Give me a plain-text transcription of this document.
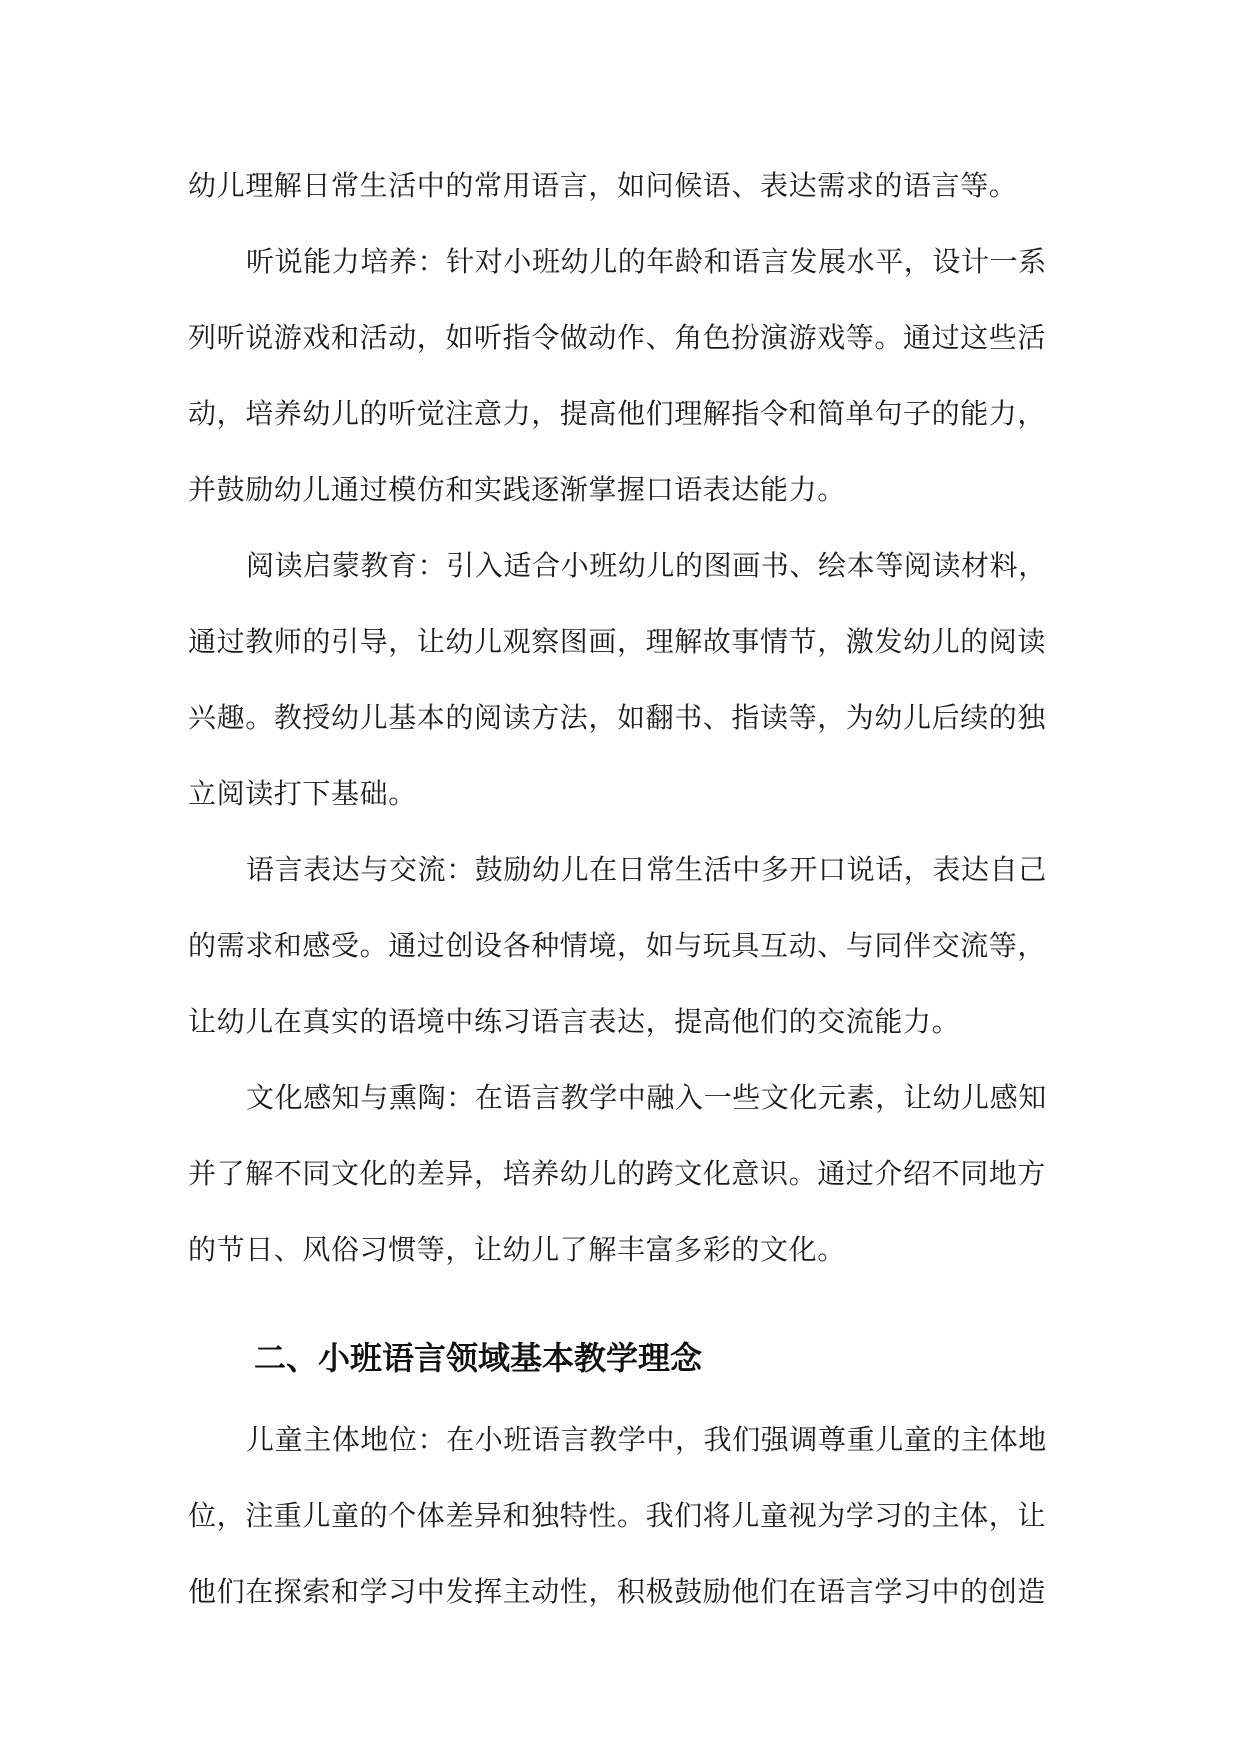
幼儿理解日常生活中的常用语言，如问候语、表达需求的语言等。
听说能力培养：针对小班幼儿的年龄和语言发展水平，设计一系
列听说游戏和活动，如听指令做动作、角色扮演游戏等。通过这些活
动，培养幼儿的听觉注意力，提高他们理解指令和简单句子的能力，
并鼓励幼儿通过模仿和实践逐渐掌握口语表达能力。
阅读启蒙教育：引入适合小班幼儿的图画书、绘本等阅读材料，
通过教师的引导，让幼儿观察图画，理解故事情节，激发幼儿的阅读
兴趣。教授幼儿基本的阅读方法，如翻书、指读等，为幼儿后续的独
立阅读打下基础。
语言表达与交流：鼓励幼儿在日常生活中多开口说话，表达自己
的需求和感受。通过创设各种情境，如与玩具互动、与同伴交流等，
让幼儿在真实的语境中练习语言表达，提高他们的交流能力。
文化感知与熏陶：在语言教学中融入一些文化元素，让幼儿感知
并了解不同文化的差异，培养幼儿的跨文化意识。通过介绍不同地方
的节日、风俗习惯等，让幼儿了解丰富多彩的文化。
二、小班语言领域基本教学理念
儿童主体地位：在小班语言教学中，我们强调尊重儿童的主体地
位，注重儿童的个体差异和独特性。我们将儿童视为学习的主体，让
他们在探索和学习中发挥主动性，积极鼓励他们在语言学习中的创造
